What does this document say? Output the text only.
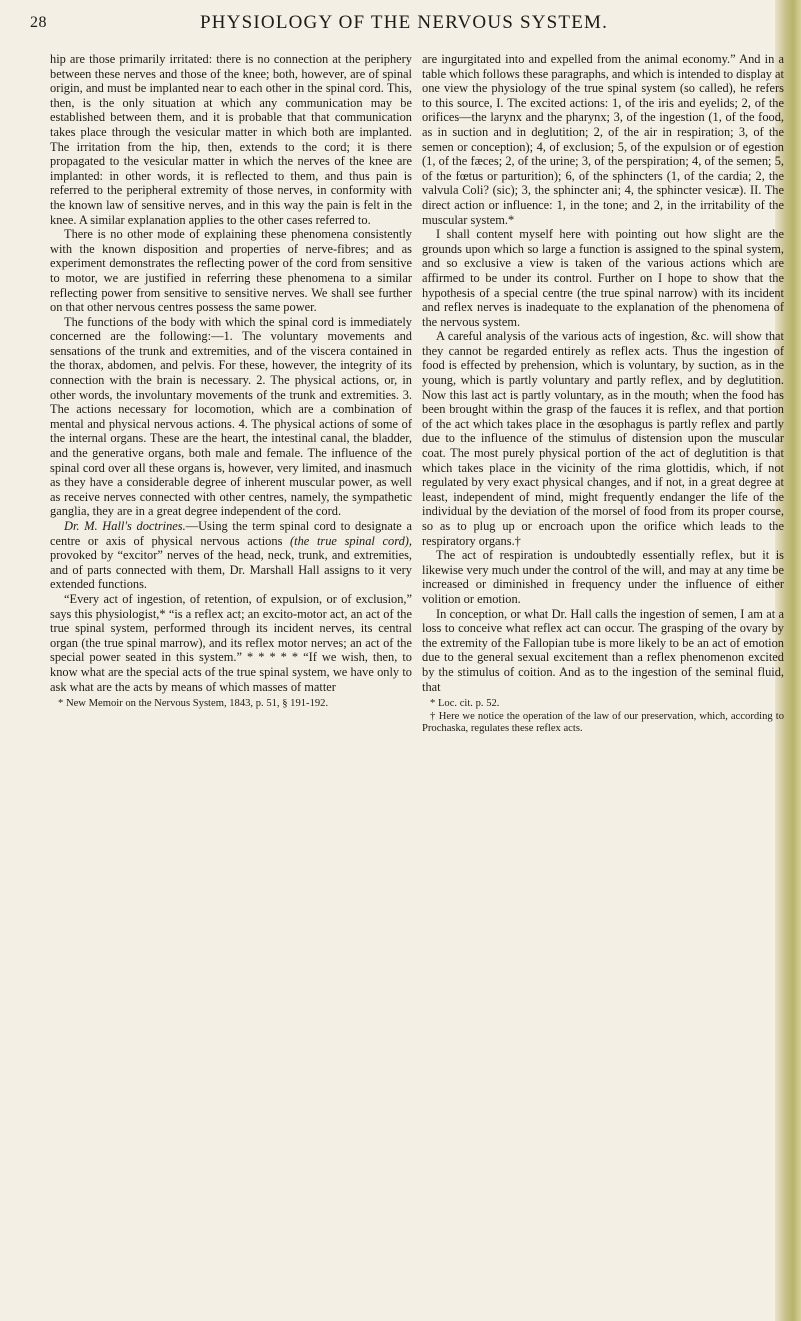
28	PHYSIOLOGY OF THE NERVOUS SYSTEM.

hip are those primarily irritated: there is no connection at the periphery between these nerves and those of the knee; both, however, are of spinal origin, and must be implanted near to each other in the spinal cord. This, then, is the only situation at which any communication may be established between them, and it is probable that that communication takes place through the vesicular matter in which both are implanted. The irritation from the hip, then, extends to the cord; it is there propagated to the vesicular matter in which the nerves of the knee are implanted: in other words, it is reflected to them, and thus pain is referred to the peripheral extremity of those nerves, in conformity with the known law of sensitive nerves, and in this way the pain is felt in the knee. A similar explanation applies to the other cases referred to.

There is no other mode of explaining these phenomena consistently with the known disposition and properties of nerve-fibres; and as experiment demonstrates the reflecting power of the cord from sensitive to motor, we are justified in referring these phenomena to a similar reflecting power from sensitive to sensitive nerves. We shall see further on that other nervous centres possess the same power.

The functions of the body with which the spinal cord is immediately concerned are the following:—1. The voluntary movements and sensations of the trunk and extremities, and of the viscera contained in the thorax, abdomen, and pelvis. For these, however, the integrity of its connection with the brain is necessary. 2. The physical actions, or, in other words, the involuntary movements of the trunk and extremities. 3. The actions necessary for locomotion, which are a combination of mental and physical nervous actions. 4. The physical actions of some of the internal organs. These are the heart, the intestinal canal, the bladder, and the generative organs, both male and female. The influence of the spinal cord over all these organs is, however, very limited, and inasmuch as they have a considerable degree of inherent muscular power, as well as receive nerves connected with other centres, namely, the sympathetic ganglia, they are in a great degree independent of the cord.

Dr. M. Hall's doctrines.—Using the term spinal cord to designate a centre or axis of physical nervous actions (the true spinal cord), provoked by “excitor” nerves of the head, neck, trunk, and extremities, and of parts connected with them, Dr. Marshall Hall assigns to it very extended functions.

“Every act of ingestion, of retention, of expulsion, or of exclusion,” says this physiologist,* “is a reflex act; an excito-motor act, an act of the true spinal system, performed through its incident nerves, its central organ (the true spinal marrow), and its reflex motor nerves; an act of the special power seated in this system.” * * * * * “If we wish, then, to know what are the special acts of the true spinal system, we have only to ask what are the acts by means of which masses of matter

* New Memoir on the Nervous System, 1843, p. 51, § 191-192.

are ingurgitated into and expelled from the animal economy.” And in a table which follows these paragraphs, and which is intended to display at one view the physiology of the true spinal system (so called), he refers to this source, I. The excited actions: 1, of the iris and eyelids; 2, of the orifices—the larynx and the pharynx; 3, of the ingestion (1, of the food, as in suction and in deglutition; 2, of the air in respiration; 3, of the semen or conception); 4, of exclusion; 5, of the expulsion or of egestion (1, of the fæces; 2, of the urine; 3, of the perspiration; 4, of the semen; 5, of the fœtus or parturition); 6, of the sphincters (1, of the cardia; 2, the valvula Coli? (sic); 3, the sphincter ani; 4, the sphincter vesicæ). II. The direct action or influence: 1, in the tone; and 2, in the irritability of the muscular system.*

I shall content myself here with pointing out how slight are the grounds upon which so large a function is assigned to the spinal system, and so exclusive a view is taken of the various actions which are affirmed to be under its control. Further on I hope to show that the hypothesis of a special centre (the true spinal narrow) with its incident and reflex nerves is inadequate to the explanation of the phenomena of the nervous system.

A careful analysis of the various acts of ingestion, &c. will show that they cannot be regarded entirely as reflex acts. Thus the ingestion of food is effected by prehension, which is voluntary, by suction, as in the young, which is partly voluntary and partly reflex, and by deglutition. Now this last act is partly voluntary, as in the mouth; when the food has been brought within the grasp of the fauces it is reflex, and that portion of the act which takes place in the œsophagus is partly reflex and partly due to the influence of the stimulus of distension upon the muscular coat. The most purely physical portion of the act of deglutition is that which takes place in the vicinity of the rima glottidis, which, if not regulated by very exact physical changes, and if not, in a great degree at least, independent of mind, might frequently endanger the life of the individual by the deviation of the morsel of food from its proper course, so as to plug up or encroach upon the orifice which leads to the respiratory organs.†

The act of respiration is undoubtedly essentially reflex, but it is likewise very much under the control of the will, and may at any time be increased or diminished in frequency under the influence of either volition or emotion.

In conception, or what Dr. Hall calls the ingestion of semen, I am at a loss to conceive what reflex act can occur. The grasping of the ovary by the extremity of the Fallopian tube is more likely to be an act of emotion due to the general sexual excitement than a reflex phenomenon excited by the stimulus of coition. And as to the ingestion of the seminal fluid, that

* Loc. cit. p. 52.

† Here we notice the operation of the law of our preservation, which, according to Prochaska, regulates these reflex acts.
